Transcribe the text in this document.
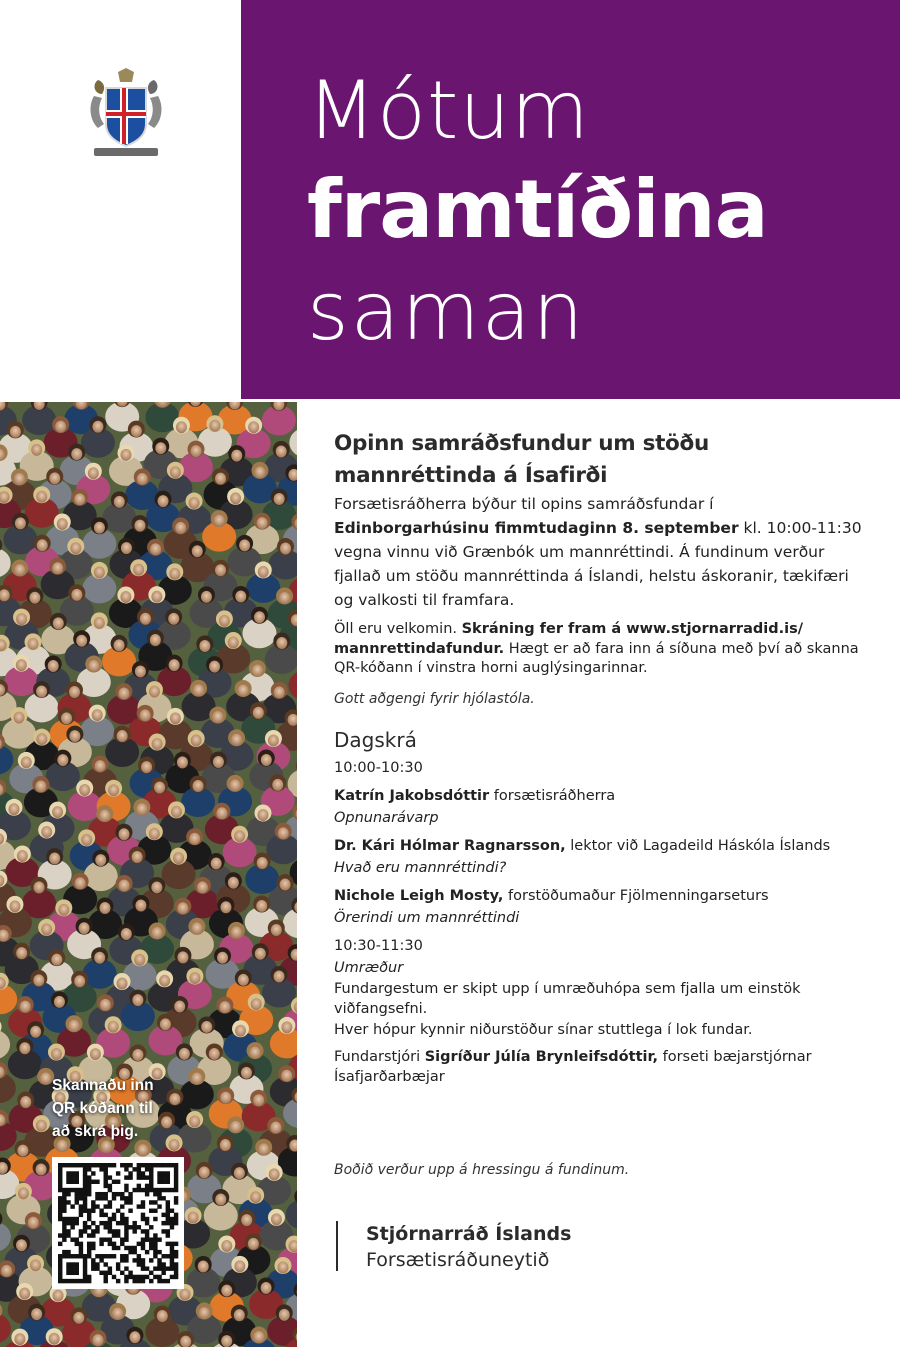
Mótum
framtíðina
saman
Skannaðu inn
QR kóðann til
að skrá þig.

Opinn samráðsfundur um stöðu mannréttinda á Ísafirði

Forsætisráðherra býður til opins samráðsfundar í Edinborgarhúsinu fimmtudaginn 8. september kl. 10:00-11:30 vegna vinnu við Grænbók um mannréttindi. Á fundinum verður fjallað um stöðu mannréttinda á Íslandi, helstu áskoranir, tækifæri og valkosti til framfara.

Öll eru velkomin. Skráning fer fram á www.stjornarradid.is/ mannrettindafundur. Hægt er að fara inn á síðuna með því að skanna QR-kóðann í vinstra horni auglýsingarinnar.

Gott aðgengi fyrir hjólastóla.

Dagskrá

10:00-10:30

Katrín Jakobsdóttir forsætisráðherra
Opnunarávarp
Dr. Kári Hólmar Ragnarsson, lektor við Lagadeild Háskóla Íslands
Hvað eru mannréttindi?
Nichole Leigh Mosty, forstöðumaður Fjölmenningarseturs
Örerindi um mannréttindi
10:30-11:30
Umræður
Fundargestum er skipt upp í umræðuhópa sem fjalla um einstök viðfangsefni.
Hver hópur kynnir niðurstöður sínar stuttlega í lok fundar.
Fundarstjóri Sigríður Júlía Brynleifsdóttir, forseti bæjarstjórnar Ísafjarðarbæjar

Boðið verður upp á hressingu á fundinum.

Stjórnarráð Íslands
Forsætisráðuneytið
